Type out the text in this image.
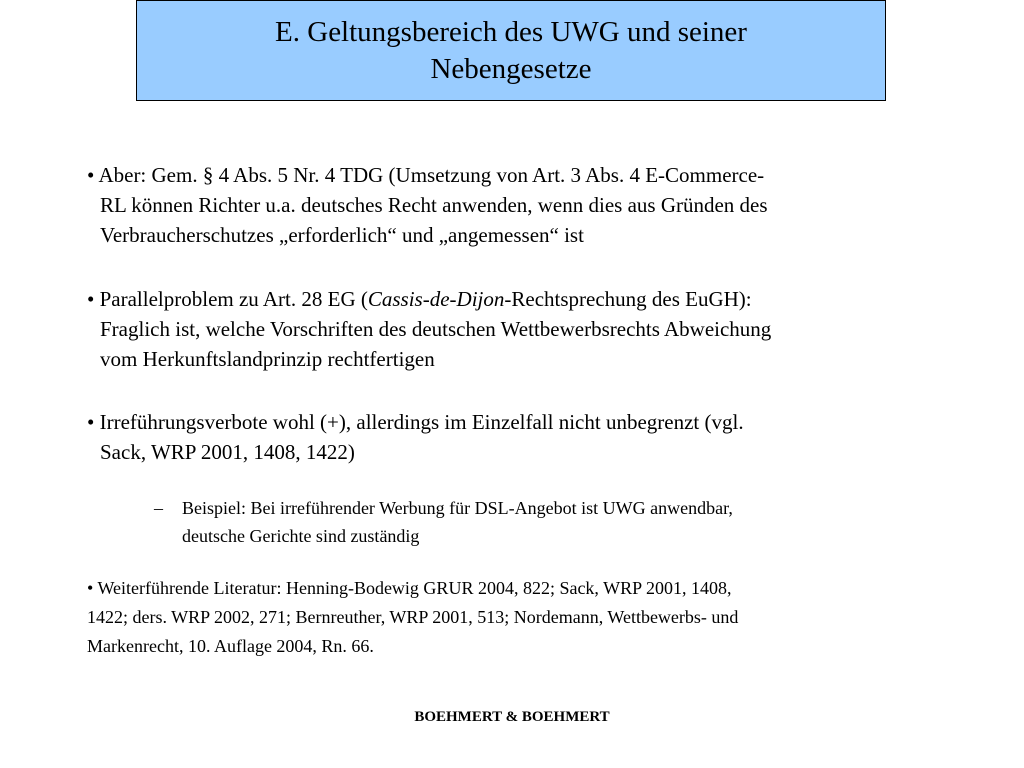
E. Geltungsbereich des UWG und seiner
Nebengesetze
• Aber: Gem. § 4 Abs. 5 Nr. 4 TDG (Umsetzung von Art. 3 Abs. 4 E-Commerce-
RL können Richter u.a. deutsches Recht anwenden, wenn dies aus Gründen des
Verbraucherschutzes „erforderlich“ und „angemessen“ ist
• Parallelproblem zu Art. 28 EG (Cassis-de-Dijon-Rechtsprechung des EuGH):
Fraglich ist, welche Vorschriften des deutschen Wettbewerbsrechts Abweichung
vom Herkunftslandprinzip rechtfertigen
• Irreführungsverbote wohl (+), allerdings im Einzelfall nicht unbegrenzt (vgl.
Sack, WRP 2001, 1408, 1422)
–	Beispiel: Bei irreführender Werbung für DSL-Angebot ist UWG anwendbar,
deutsche Gerichte sind zuständig
• Weiterführende Literatur: Henning-Bodewig GRUR 2004, 822; Sack, WRP 2001, 1408,
1422; ders. WRP 2002, 271; Bernreuther, WRP 2001, 513; Nordemann, Wettbewerbs- und
Markenrecht, 10. Auflage 2004, Rn. 66.
BOEHMERT & BOEHMERT
